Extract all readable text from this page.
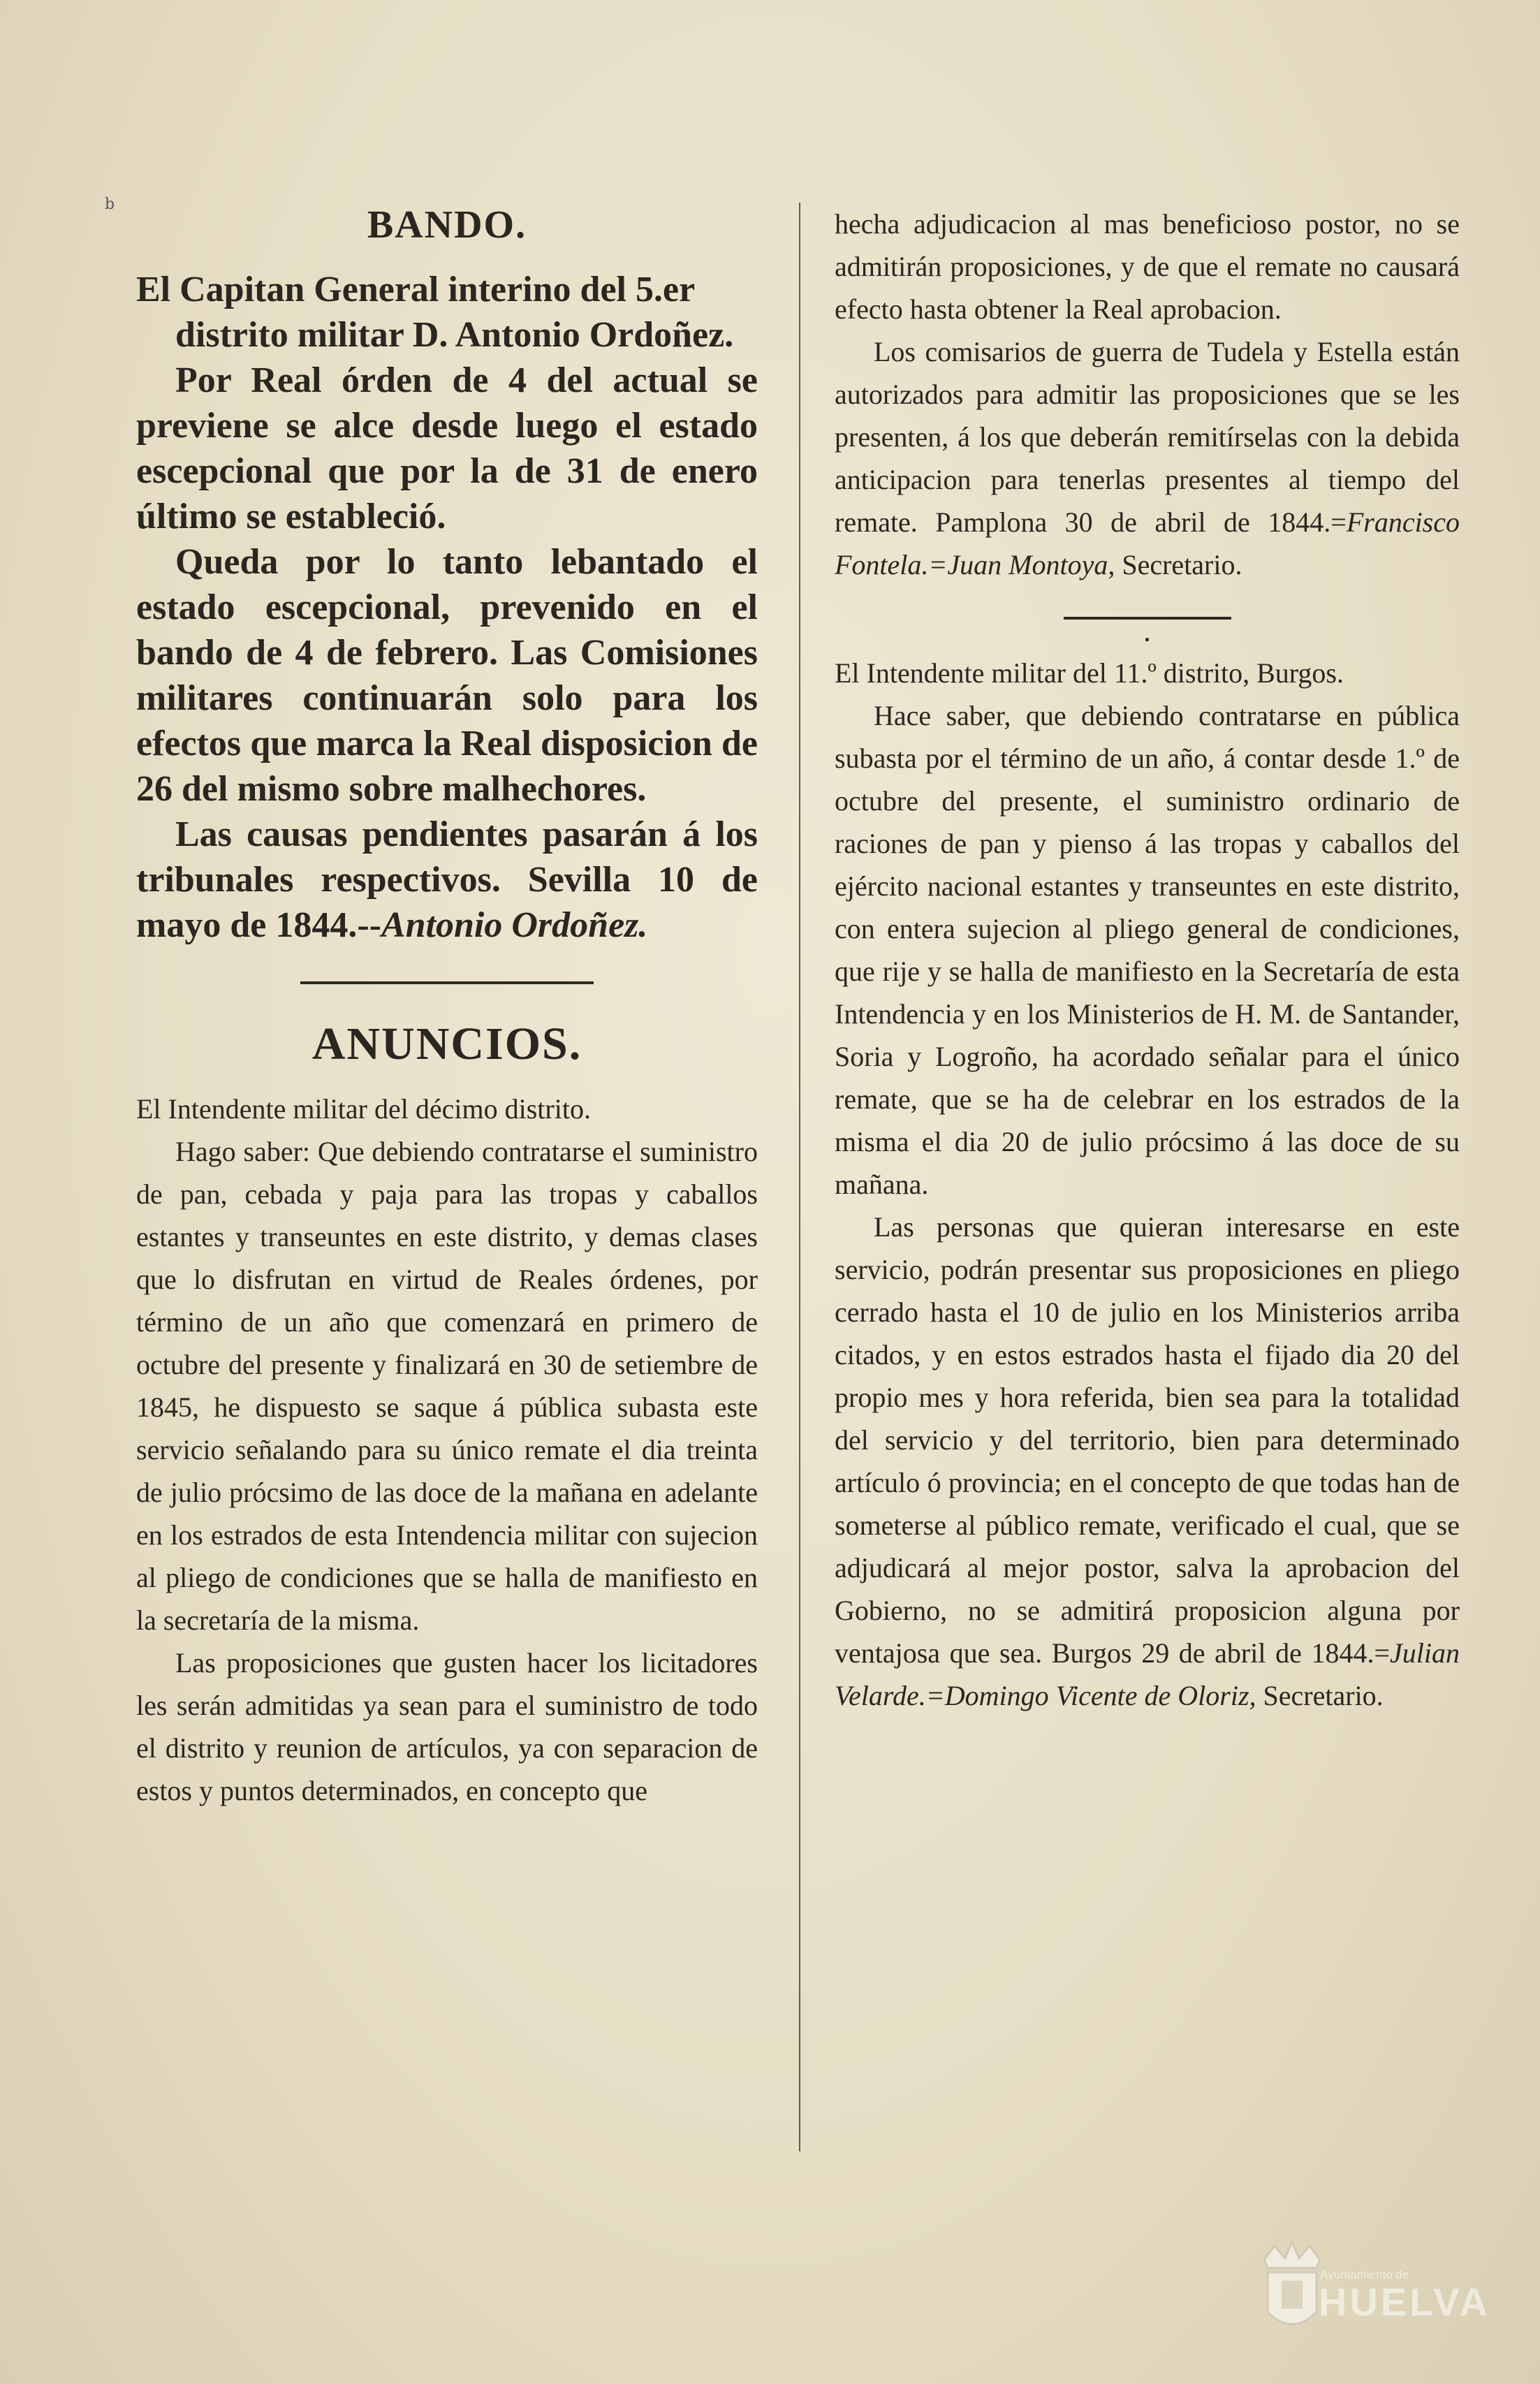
b	BANDO.

El Capitan General interino del 5.er distrito militar D. Antonio Ordoñez.

Por Real órden de 4 del actual se previene se alce desde luego el estado escepcional que por la de 31 de enero último se estableció.

Queda por lo tanto lebantado el estado escepcional, prevenido en el bando de 4 de febrero. Las Comisiones militares continuarán solo para los efectos que marca la Real disposicion de 26 del mismo sobre malhechores.

Las causas pendientes pasarán á los tribunales respectivos. Sevilla 10 de mayo de 1844.--Antonio Ordoñez.

ANUNCIOS.

El Intendente militar del décimo distrito.

Hago saber: Que debiendo contratarse el suministro de pan, cebada y paja para las tropas y caballos estantes y transeuntes en este distrito, y demas clases que lo disfrutan en virtud de Reales órdenes, por término de un año que comenzará en primero de octubre del presente y finalizará en 30 de setiembre de 1845, he dispuesto se saque á pública subasta este servicio señalando para su único remate el dia treinta de julio prócsimo de las doce de la mañana en adelante en los estrados de esta Intendencia militar con sujecion al pliego de condiciones que se halla de manifiesto en la secretaría de la misma.

Las proposiciones que gusten hacer los licitadores les serán admitidas ya sean para el suministro de todo el distrito y reunion de artículos, ya con separacion de estos y puntos determinados, en concepto que

hecha adjudicacion al mas beneficioso postor, no se admitirán proposiciones, y de que el remate no causará efecto hasta obtener la Real aprobacion.

Los comisarios de guerra de Tudela y Estella están autorizados para admitir las proposiciones que se les presenten, á los que deberán remitírselas con la debida anticipacion para tenerlas presentes al tiempo del remate. Pamplona 30 de abril de 1844.=Francisco Fontela.=Juan Montoya, Secretario.

•

El Intendente militar del 11.º distrito, Burgos.

Hace saber, que debiendo contratarse en pública subasta por el término de un año, á contar desde 1.º de octubre del presente, el suministro ordinario de raciones de pan y pienso á las tropas y caballos del ejército nacional estantes y transeuntes en este distrito, con entera sujecion al pliego general de condiciones, que rije y se halla de manifiesto en la Secretaría de esta Intendencia y en los Ministerios de H. M. de Santander, Soria y Logroño, ha acordado señalar para el único remate, que se ha de celebrar en los estrados de la misma el dia 20 de julio prócsimo á las doce de su mañana.

Las personas que quieran interesarse en este servicio, podrán presentar sus proposiciones en pliego cerrado hasta el 10 de julio en los Ministerios arriba citados, y en estos estrados hasta el fijado dia 20 del propio mes y hora referida, bien sea para la totalidad del servicio y del territorio, bien para determinado artículo ó provincia; en el concepto de que todas han de someterse al público remate, verificado el cual, que se adjudicará al mejor postor, salva la aprobacion del Gobierno, no se admitirá proposicion alguna por ventajosa que sea. Burgos 29 de abril de 1844.=Julian Velarde.=Domingo Vicente de Oloriz, Secretario.

Ayuntamiento de
HUELVA
